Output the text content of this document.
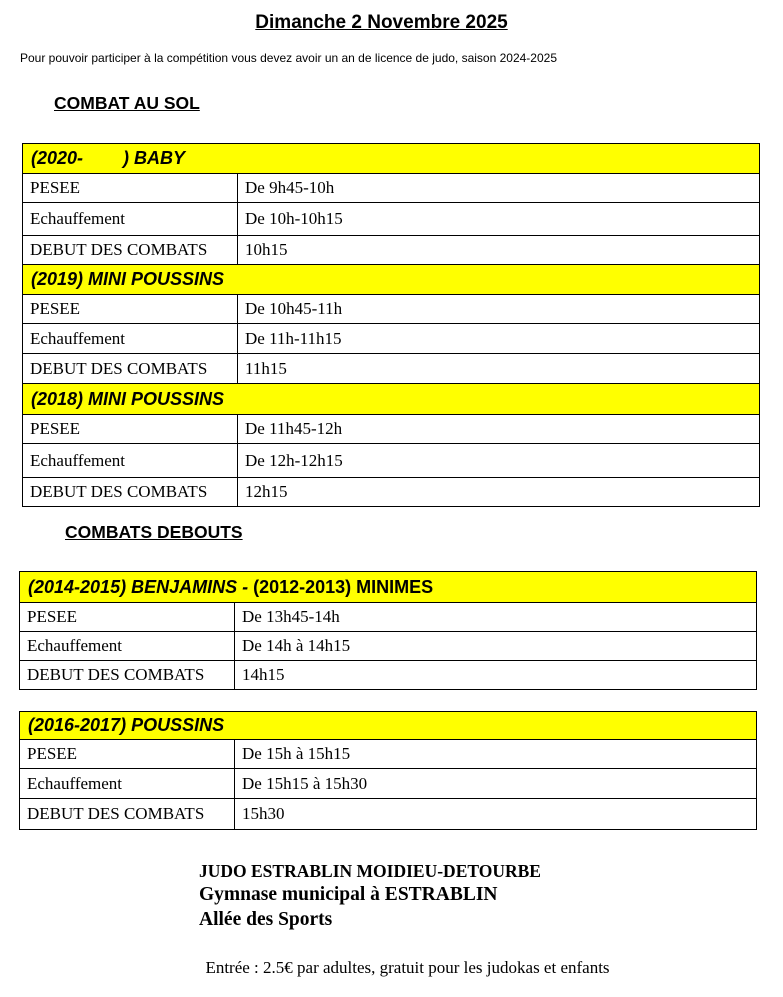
Dimanche 2 Novembre 2025
Pour pouvoir participer à la compétition vous devez avoir un an de licence de judo, saison 2024-2025
COMBAT AU SOL
(2020-        ) BABY	
PESEE	De 9h45-10h
Echauffement	De 10h-10h15
DEBUT DES COMBATS	10h15
(2019) MINI POUSSINS	
PESEE	De 10h45-11h
Echauffement	De 11h-11h15
DEBUT DES COMBATS	11h15
(2018) MINI POUSSINS	
PESEE	De 11h45-12h
Echauffement	De 12h-12h15
DEBUT DES COMBATS	12h15
COMBATS DEBOUTS
(2014-2015) BENJAMINS - (2012-2013) MINIMES	
PESEE	De 13h45-14h
Echauffement	De 14h à 14h15
DEBUT DES COMBATS	14h15
(2016-2017) POUSSINS	
PESEE	De 15h à 15h15
Echauffement	De 15h15 à 15h30
DEBUT DES COMBATS	15h30
JUDO ESTRABLIN MOIDIEU-DETOURBE
Gymnase municipal à ESTRABLIN
Allée des Sports
Entrée : 2.5€ par adultes, gratuit pour les judokas et enfants
